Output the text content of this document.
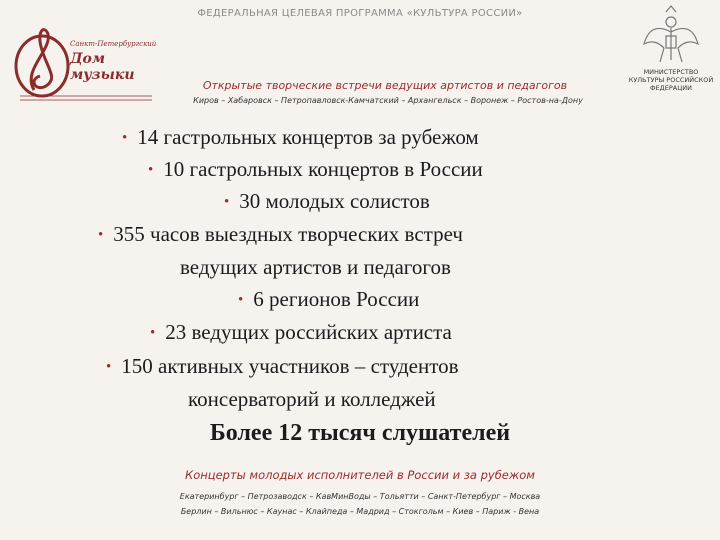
ФЕДЕРАЛЬНАЯ ЦЕЛЕВАЯ ПРОГРАММА «КУЛЬТУРА РОССИИ»
Санкт-Петербургский
Дом музыки	МИНИСТЕРСТВО КУЛЬТУРЫ РОССИЙСКОЙ ФЕДЕРАЦИИ
Открытые творческие встречи ведущих артистов и педагогов
Киров – Хабаровск – Петропавловск-Камчатский – Архангельск – Воронеж – Ростов-на-Дону
• 14 гастрольных концертов за рубежом
• 10 гастрольных концертов в России
• 30 молодых солистов
• 355 часов выездных творческих встреч
ведущих артистов и педагогов
• 6 регионов России
• 23 ведущих российских артиста
• 150 активных участников – студентов
консерваторий и колледжей
Более 12 тысяч слушателей
Концерты молодых исполнителей в России и за рубежом
Екатеринбург – Петрозаводск – КавМинВоды – Тольятти – Санкт-Петербург – Москва
Берлин – Вильнюс – Каунас – Клайпеда – Мадрид – Стокгольм – Киев – Париж - Вена
